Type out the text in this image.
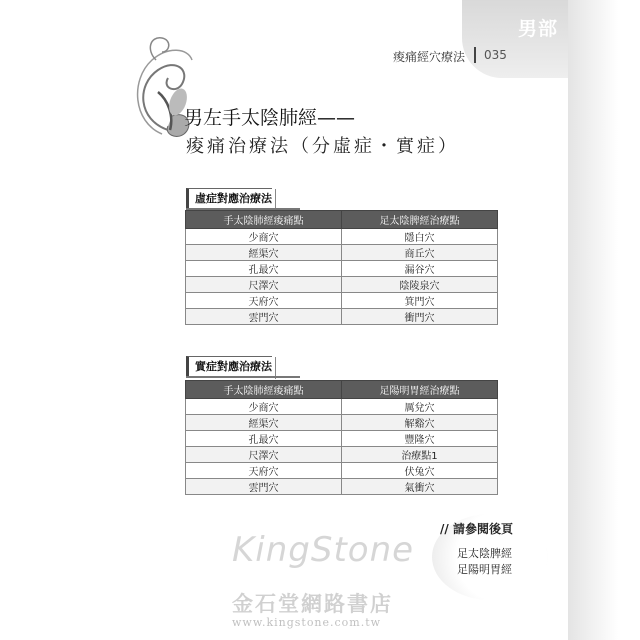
男部
痠痛經穴療法 035
男左手太陰肺經——
痠痛治療法（分虛症・實症）
虛症對應治療法
手太陰肺經痠痛點	足太陰脾經治療點
少商穴	隱白穴
經渠穴	商丘穴
孔最穴	漏谷穴
尺澤穴	陰陵泉穴
天府穴	箕門穴
雲門穴	衝門穴
實症對應治療法
手太陰肺經痠痛點	足陽明胃經治療點
少商穴	厲兌穴
經渠穴	解谿穴
孔最穴	豐隆穴
尺澤穴	治療點1
天府穴	伏兔穴
雲門穴	氣衝穴
// 請參閱後頁
足太陰脾經
足陽明胃經
KingStone
金石堂網路書店
www.kingstone.com.tw
